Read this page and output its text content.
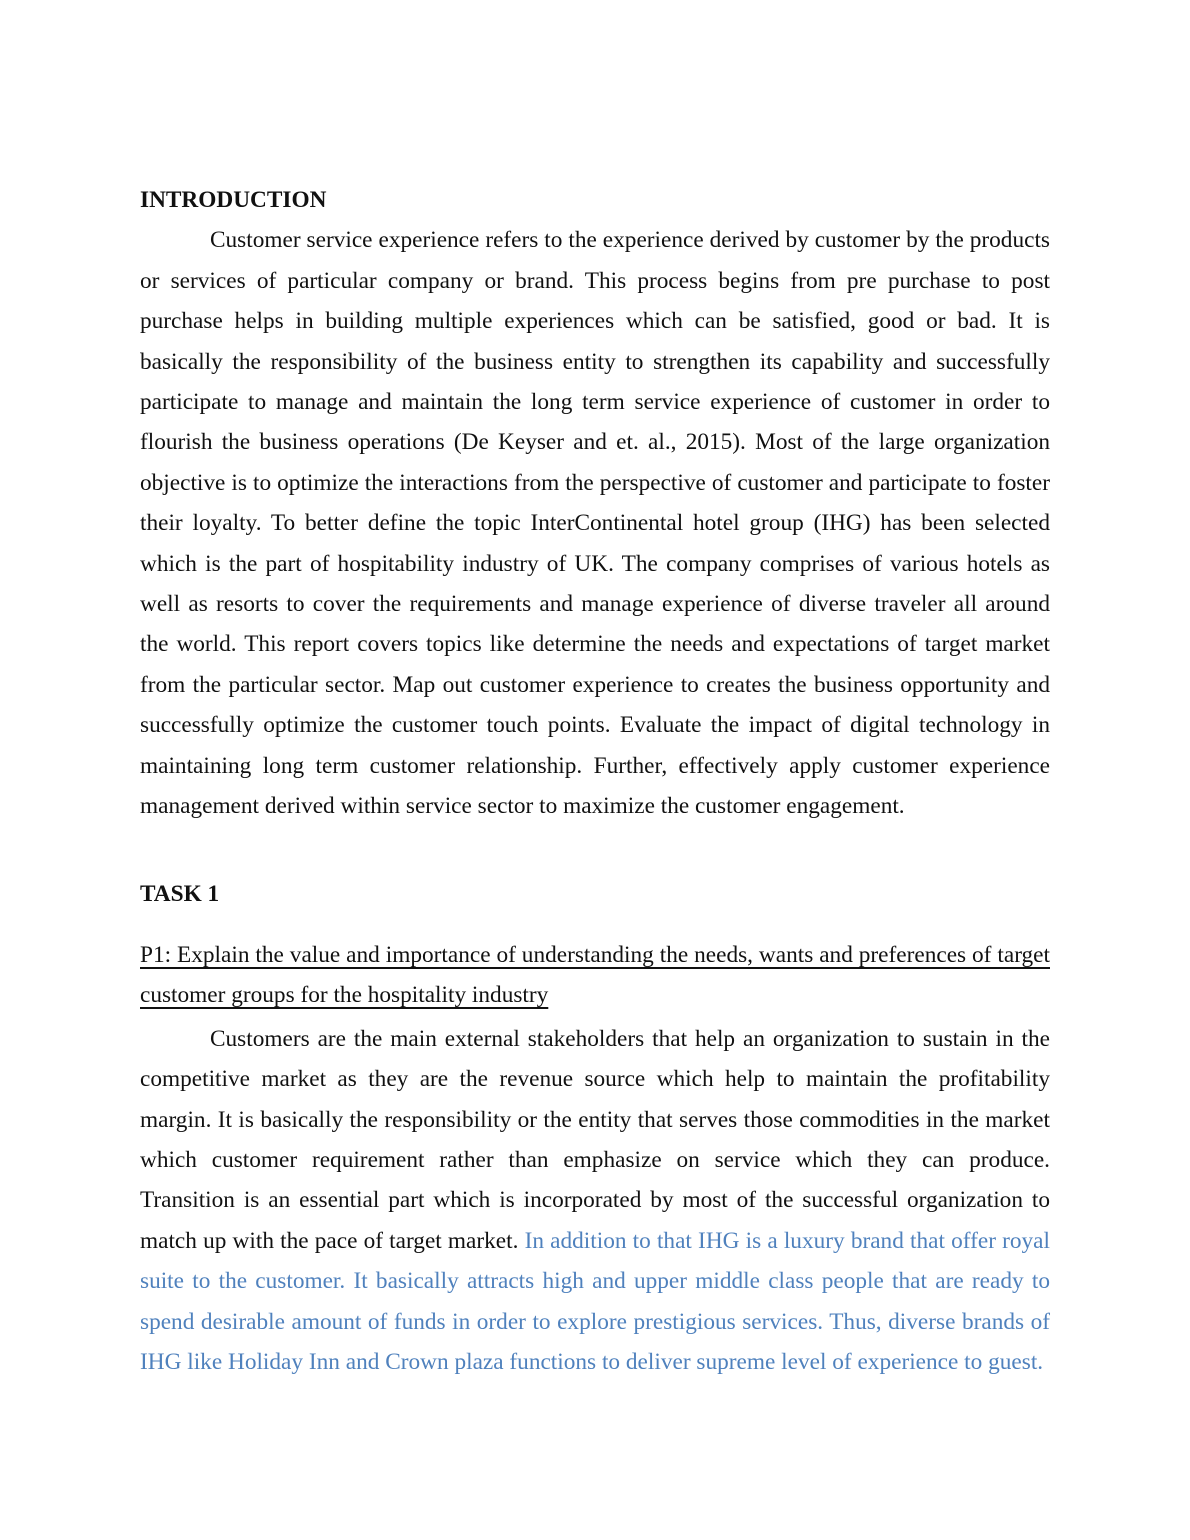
INTRODUCTION

Customer service experience refers to the experience derived by customer by the products or services of particular company or brand. This process begins from pre purchase to post purchase helps in building multiple experiences which can be satisfied, good or bad. It is basically the responsibility of the business entity to strengthen its capability and successfully participate to manage and maintain the long term service experience of customer in order to flourish the business operations (De Keyser and et. al., 2015). Most of the large organization objective is to optimize the interactions from the perspective of customer and participate to foster their loyalty. To better define the topic InterContinental hotel group (IHG) has been selected which is the part of hospitability industry of UK. The company comprises of various hotels as well as resorts to cover the requirements and manage experience of diverse traveler all around the world. This report covers topics like determine the needs and expectations of target market from the particular sector. Map out customer experience to creates the business opportunity and successfully optimize the customer touch points. Evaluate the impact of digital technology in maintaining long term customer relationship. Further, effectively apply customer experience management derived within service sector to maximize the customer engagement.

TASK 1
P1: Explain the value and importance of understanding the needs, wants and preferences of target customer groups for the hospitality industry

Customers are the main external stakeholders that help an organization to sustain in the competitive market as they are the revenue source which help to maintain the profitability margin. It is basically the responsibility or the entity that serves those commodities in the market which customer requirement rather than emphasize on service which they can produce. Transition is an essential part which is incorporated by most of the successful organization to match up with the pace of target market. In addition to that IHG is a luxury brand that offer royal suite to the customer. It basically attracts high and upper middle class people that are ready to spend desirable amount of funds in order to explore prestigious services. Thus, diverse brands of IHG like Holiday Inn and Crown plaza functions to deliver supreme level of experience to guest.
